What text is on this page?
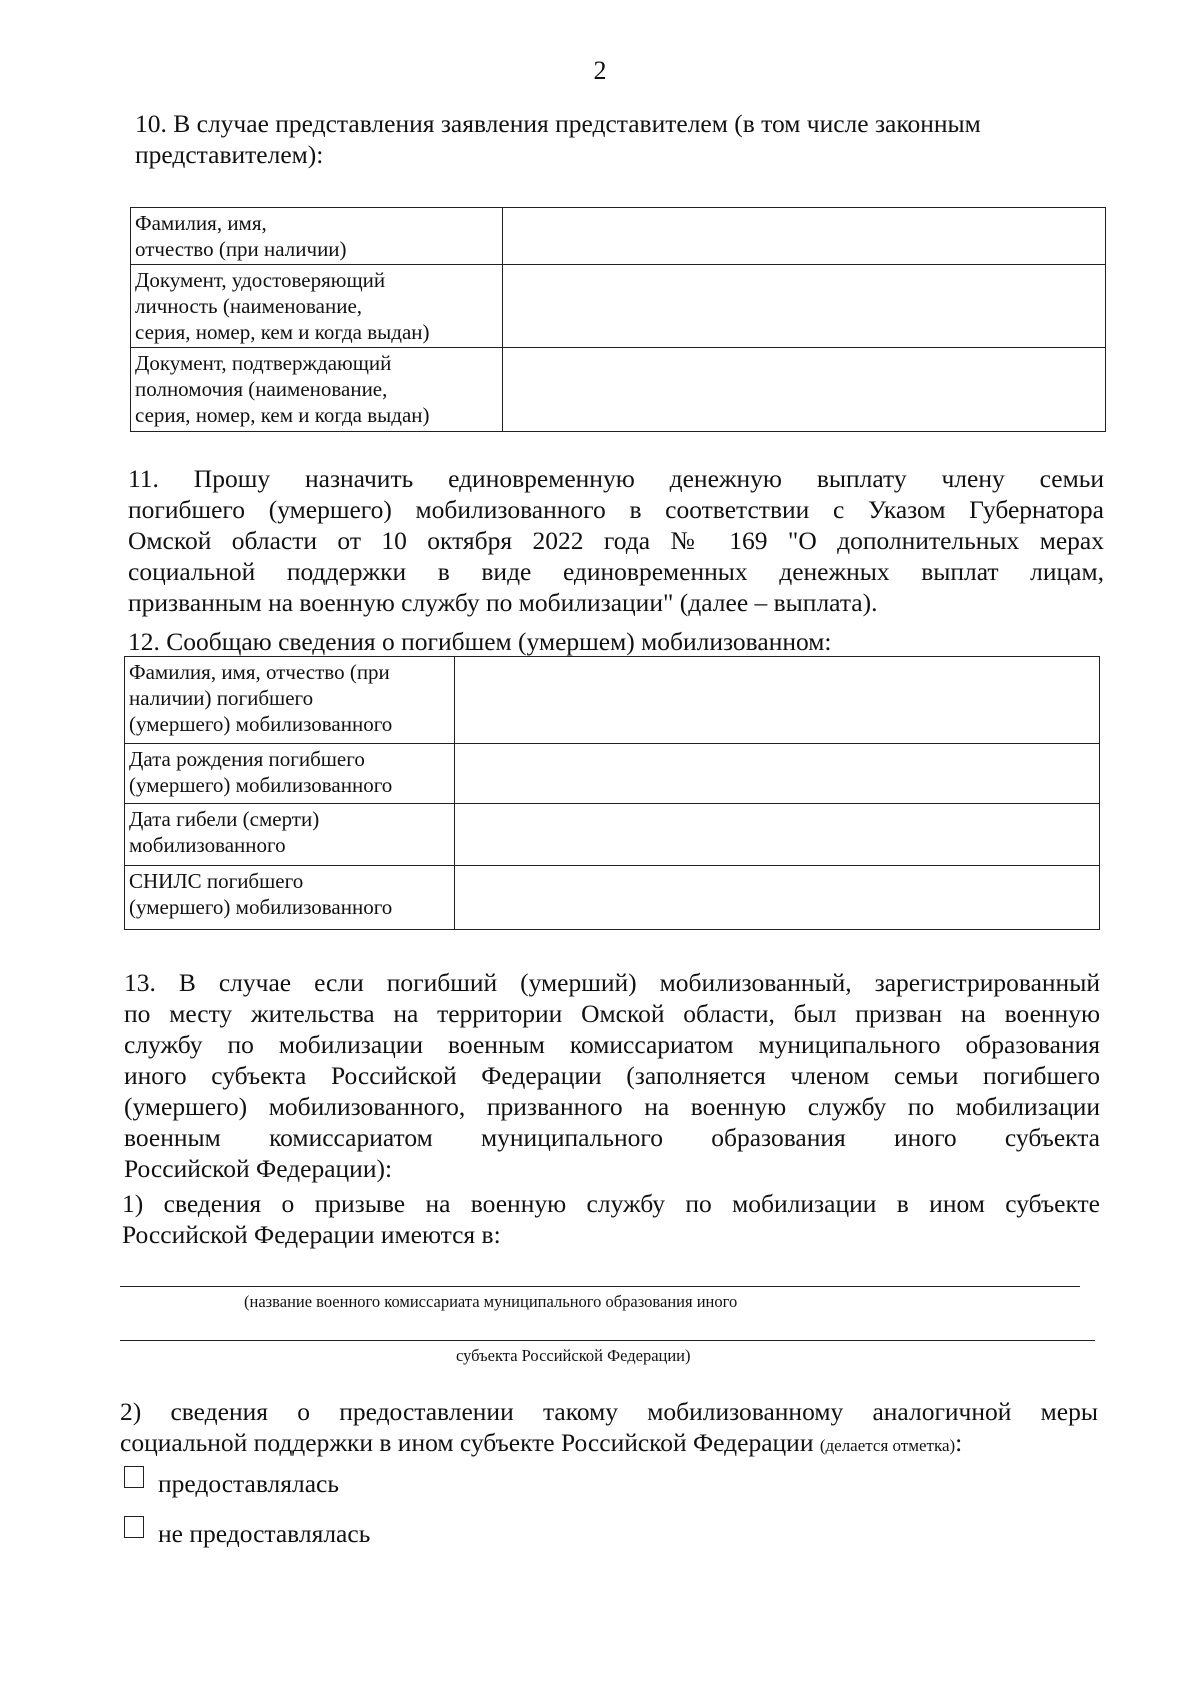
2
10. В случае представления заявления представителем (в том числе законным
представителем):
Фамилия, имя,
отчество (при наличии)	

Документ, удостоверяющий
личность (наименование,
серия, номер, кем и когда выдан)	

Документ, подтверждающий
полномочия (наименование,
серия, номер, кем и когда выдан)	

11. Прошу назначить единовременную денежную выплату члену семьи
погибшего (умершего) мобилизованного в соответствии с Указом Губернатора
Омской области от 10 октября 2022 года № 169 "О дополнительных мерах
социальной поддержки в виде единовременных денежных выплат лицам,
призванным на военную службу по мобилизации" (далее – выплата).
12. Сообщаю сведения о погибшем (умершем) мобилизованном:
Фамилия, имя, отчество (при
наличии) погибшего
(умершего) мобилизованного	

Дата рождения погибшего
(умершего) мобилизованного	

Дата гибели (смерти)
мобилизованного	

СНИЛС погибшего
(умершего) мобилизованного	

13. В случае если погибший (умерший) мобилизованный, зарегистрированный
по месту жительства на территории Омской области, был призван на военную
службу по мобилизации военным комиссариатом муниципального образования
иного субъекта Российской Федерации (заполняется членом семьи погибшего
(умершего) мобилизованного, призванного на военную службу по мобилизации
военным комиссариатом муниципального образования иного субъекта
Российской Федерации):
1) сведения о призыве на военную службу по мобилизации в ином субъекте
Российской Федерации имеются в:
(название военного комиссариата муниципального образования иного
субъекта Российской Федерации)
2) сведения о предоставлении такому мобилизованному аналогичной меры
социальной поддержки в ином субъекте Российской Федерации (делается отметка):
предоставлялась
не предоставлялась
